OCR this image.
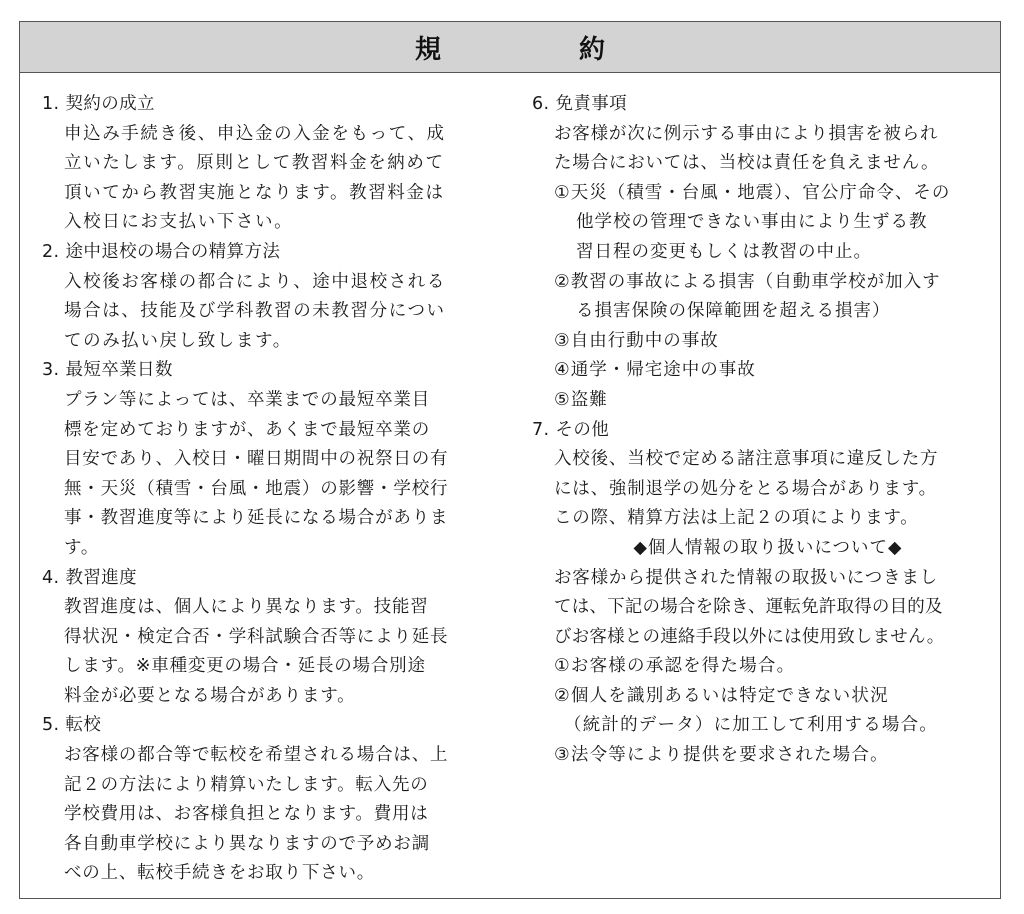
規　約
1. 契約の成立
申込み手続き後、申込金の入金をもって、成
立いたします。原則として教習料金を納めて
頂いてから教習実施となります。教習料金は
入校日にお支払い下さい。
2. 途中退校の場合の精算方法
入校後お客様の都合により、途中退校される
場合は、技能及び学科教習の未教習分につい
てのみ払い戻し致します。
3. 最短卒業日数
プラン等によっては、卒業までの最短卒業目
標を定めておりますが、あくまで最短卒業の
目安であり、入校日・曜日期間中の祝祭日の有
無・天災（積雪・台風・地震）の影響・学校行
事・教習進度等により延長になる場合がありま
す。
4. 教習進度
教習進度は、個人により異なります。技能習
得状況・検定合否・学科試験合否等により延長
します。※車種変更の場合・延長の場合別途
料金が必要となる場合があります。
5. 転校
お客様の都合等で転校を希望される場合は、上
記２の方法により精算いたします。転入先の
学校費用は、お客様負担となります。費用は
各自動車学校により異なりますので予めお調
べの上、転校手続きをお取り下さい。
6. 免責事項
お客様が次に例示する事由により損害を被られ
た場合においては、当校は責任を負えません。
①天災（積雪・台風・地震）、官公庁命令、その
他学校の管理できない事由により生ずる教
習日程の変更もしくは教習の中止。
②教習の事故による損害（自動車学校が加入す
る損害保険の保障範囲を超える損害）
③自由行動中の事故
④通学・帰宅途中の事故
⑤盗難
7. その他
入校後、当校で定める諸注意事項に違反した方
には、強制退学の処分をとる場合があります。
この際、精算方法は上記２の項によります。
◆個人情報の取り扱いについて◆
お客様から提供された情報の取扱いにつきまし
ては、下記の場合を除き、運転免許取得の目的及
びお客様との連絡手段以外には使用致しません。
①お客様の承認を得た場合。
②個人を識別あるいは特定できない状況
（統計的データ）に加工して利用する場合。
③法令等により提供を要求された場合。
